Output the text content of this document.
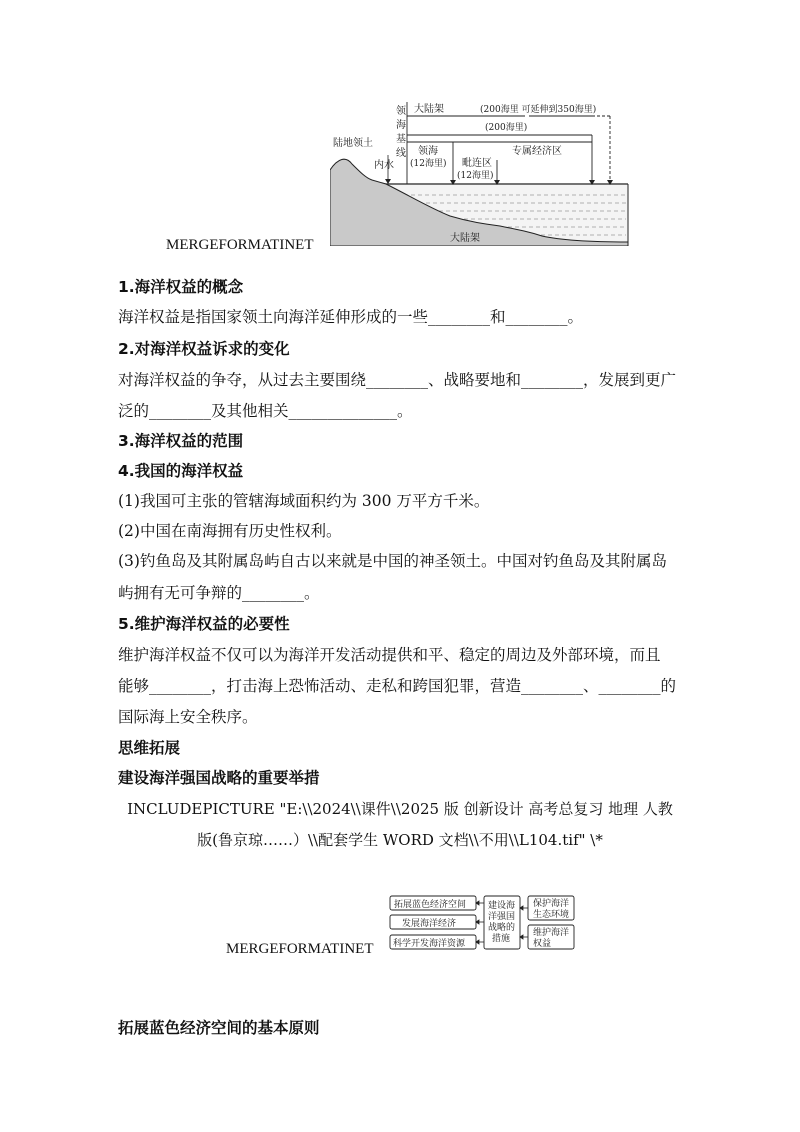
领海基线
大陆架	(200海里 可延伸到350海里)
(200海里)
陆地领土
内水
领海
(12海里)
专属经济区
毗连区
(12海里)
大陆架
MERGEFORMATINET
1.海洋权益的概念
海洋权益是指国家领土向海洋延伸形成的一些________和________。
2.对海洋权益诉求的变化
对海洋权益的争夺，从过去主要围绕________、战略要地和________，发展到更广
泛的________及其他相关______________。
3.海洋权益的范围
4.我国的海洋权益
(1)我国可主张的管辖海域面积约为 300 万平方千米。
(2)中国在南海拥有历史性权利。
(3)钓鱼岛及其附属岛屿自古以来就是中国的神圣领土。中国对钓鱼岛及其附属岛
屿拥有无可争辩的________。
5.维护海洋权益的必要性
维护海洋权益不仅可以为海洋开发活动提供和平、稳定的周边及外部环境，而且
能够________，打击海上恐怖活动、走私和跨国犯罪，营造________、________的
国际海上安全秩序。
思维拓展
建设海洋强国战略的重要举措
INCLUDEPICTURE "E:\\2024\\课件\\2025 版 创新设计 高考总复习 地理 人教
版(鲁京琼……）\\配套学生 WORD 文档\\不用\\L104.tif" \*
拓展蓝色经济空间
发展海洋经济
科学开发海洋资源
建设海洋强国战略的措施
保护海洋生态环境
维护海洋权益
MERGEFORMATINET
拓展蓝色经济空间的基本原则
